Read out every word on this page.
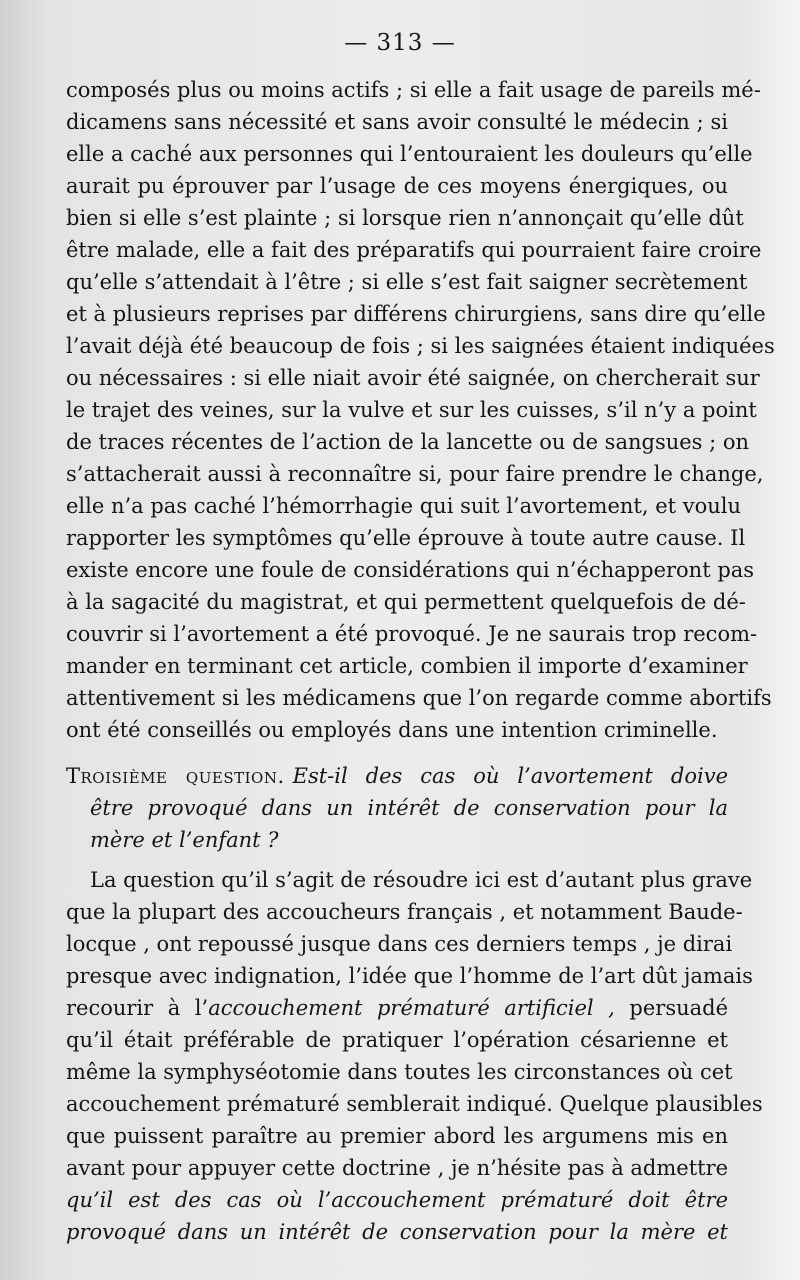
— 313 —
composés plus ou moins actifs ; si elle a fait usage de pareils mé-
dicamens sans nécessité et sans avoir consulté le médecin ; si
elle a caché aux personnes qui l’entouraient les douleurs qu’elle
aurait pu éprouver par l’usage de ces moyens énergiques, ou
bien si elle s’est plainte ; si lorsque rien n’annonçait qu’elle dût
être malade, elle a fait des préparatifs qui pourraient faire croire
qu’elle s’attendait à l’être ; si elle s’est fait saigner secrètement
et à plusieurs reprises par différens chirurgiens, sans dire qu’elle
l’avait déjà été beaucoup de fois ; si les saignées étaient indiquées
ou nécessaires : si elle niait avoir été saignée, on chercherait sur
le trajet des veines, sur la vulve et sur les cuisses, s’il n’y a point
de traces récentes de l’action de la lancette ou de sangsues ; on
s’attacherait aussi à reconnaître si, pour faire prendre le change,
elle n’a pas caché l’hémorrhagie qui suit l’avortement, et voulu
rapporter les symptômes qu’elle éprouve à toute autre cause. Il
existe encore une foule de considérations qui n’échapperont pas
à la sagacité du magistrat, et qui permettent quelquefois de dé-
couvrir si l’avortement a été provoqué. Je ne saurais trop recom-
mander en terminant cet article, combien il importe d’examiner
attentivement si les médicamens que l’on regarde comme abortifs
ont été conseillés ou employés dans une intention criminelle.
Troisième question. Est-il des cas où l’avortement doive
être provoqué dans un intérêt de conservation pour la
mère et l’enfant ?
La question qu’il s’agit de résoudre ici est d’autant plus grave
que la plupart des accoucheurs français , et notamment Baude-
locque , ont repoussé jusque dans ces derniers temps , je dirai
presque avec indignation, l’idée que l’homme de l’art dût jamais
recourir à l’accouchement prématuré artificiel , persuadé
qu’il était préférable de pratiquer l’opération césarienne et
même la symphyséotomie dans toutes les circonstances où cet
accouchement prématuré semblerait indiqué. Quelque plausibles
que puissent paraître au premier abord les argumens mis en
avant pour appuyer cette doctrine , je n’hésite pas à admettre
qu’il est des cas où l’accouchement prématuré doit être
provoqué dans un intérêt de conservation pour la mère et
